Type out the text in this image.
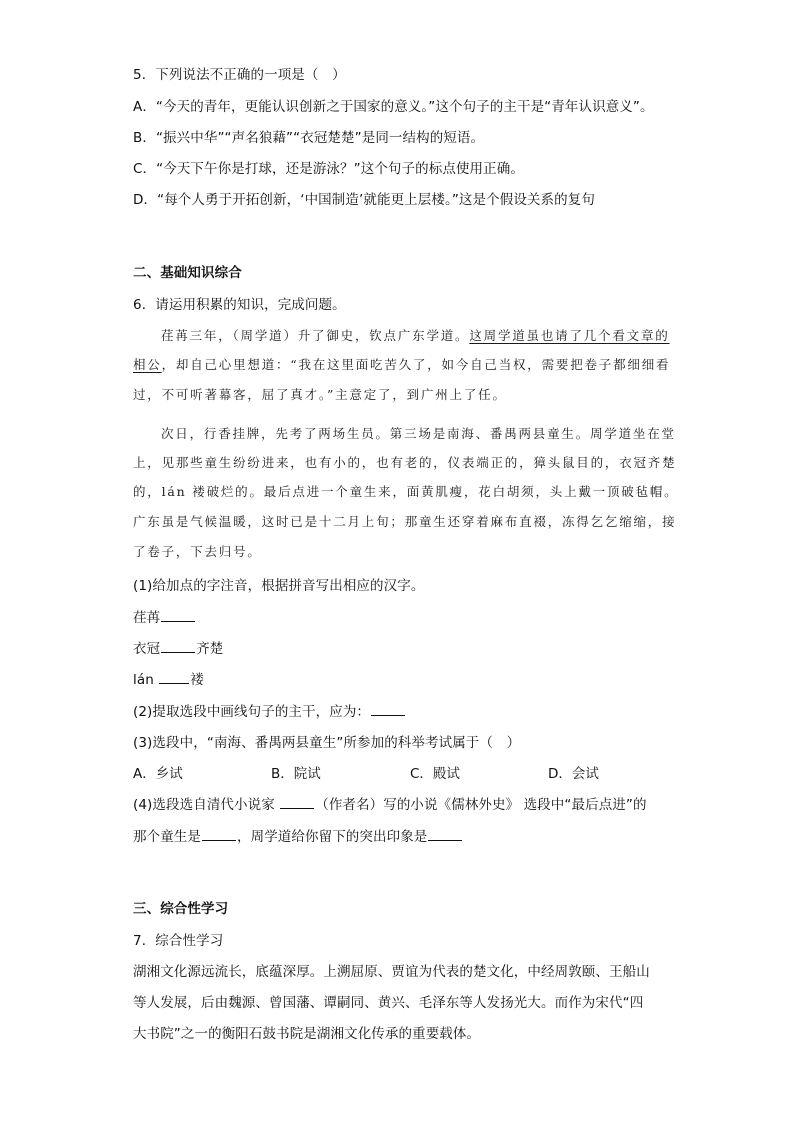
5．下列说法不正确的一项是（　）
A．“今天的青年，更能认识创新之于国家的意义。”这个句子的主干是“青年认识意义”。
B．“振兴中华”“声名狼藉”“衣冠楚楚”是同一结构的短语。
C．“今天下午你是打球，还是游泳？”这个句子的标点使用正确。
D．“每个人勇于开拓创新，‘中国制造’就能更上层楼。”这是个假设关系的复句
二、基础知识综合
6．请运用积累的知识，完成问题。
荏苒三年，（周学道）升了御史，钦点广东学道。这周学道虽也请了几个看文章的
相公，却自己心里想道：“我在这里面吃苦久了，如今自己当权，需要把卷子都细细看
过，不可听著幕客，屈了真才。”主意定了，到广州上了任。
次日，行香挂牌，先考了两场生员。第三场是南海、番禺两县童生。周学道坐在堂
上，见那些童生纷纷进来，也有小的，也有老的，仪表端正的，獐头鼠目的，衣冠齐楚
的，lán 褛破烂的。最后点进一个童生来，面黄肌瘦，花白胡须，头上戴一顶破毡帽。
广东虽是气候温暖，这时已是十二月上旬；那童生还穿着麻布直裰，冻得乞乞缩缩，接
了卷子，下去归号。
(1)给加点的字注音，根据拼音写出相应的汉字。
荏苒
衣冠	齐楚
lán 褛
(2)提取选段中画线句子的主干，应为：
(3)选段中，“南海、番禺两县童生”所参加的科举考试属于（　）
A．乡试	B．院试	C．殿试	D．会试
(4)选段选自清代小说家	（作者名）写的小说《儒林外史》 选段中“最后点进”的
那个童生是	，周学道给你留下的突出印象是
三、综合性学习
7．综合性学习
湖湘文化源远流长，底蕴深厚。上溯屈原、贾谊为代表的楚文化，中经周敦颐、王船山
等人发展，后由魏源、曾国藩、谭嗣同、黄兴、毛泽东等人发扬光大。而作为宋代“四
大书院”之一的衡阳石鼓书院是湖湘文化传承的重要载体。
